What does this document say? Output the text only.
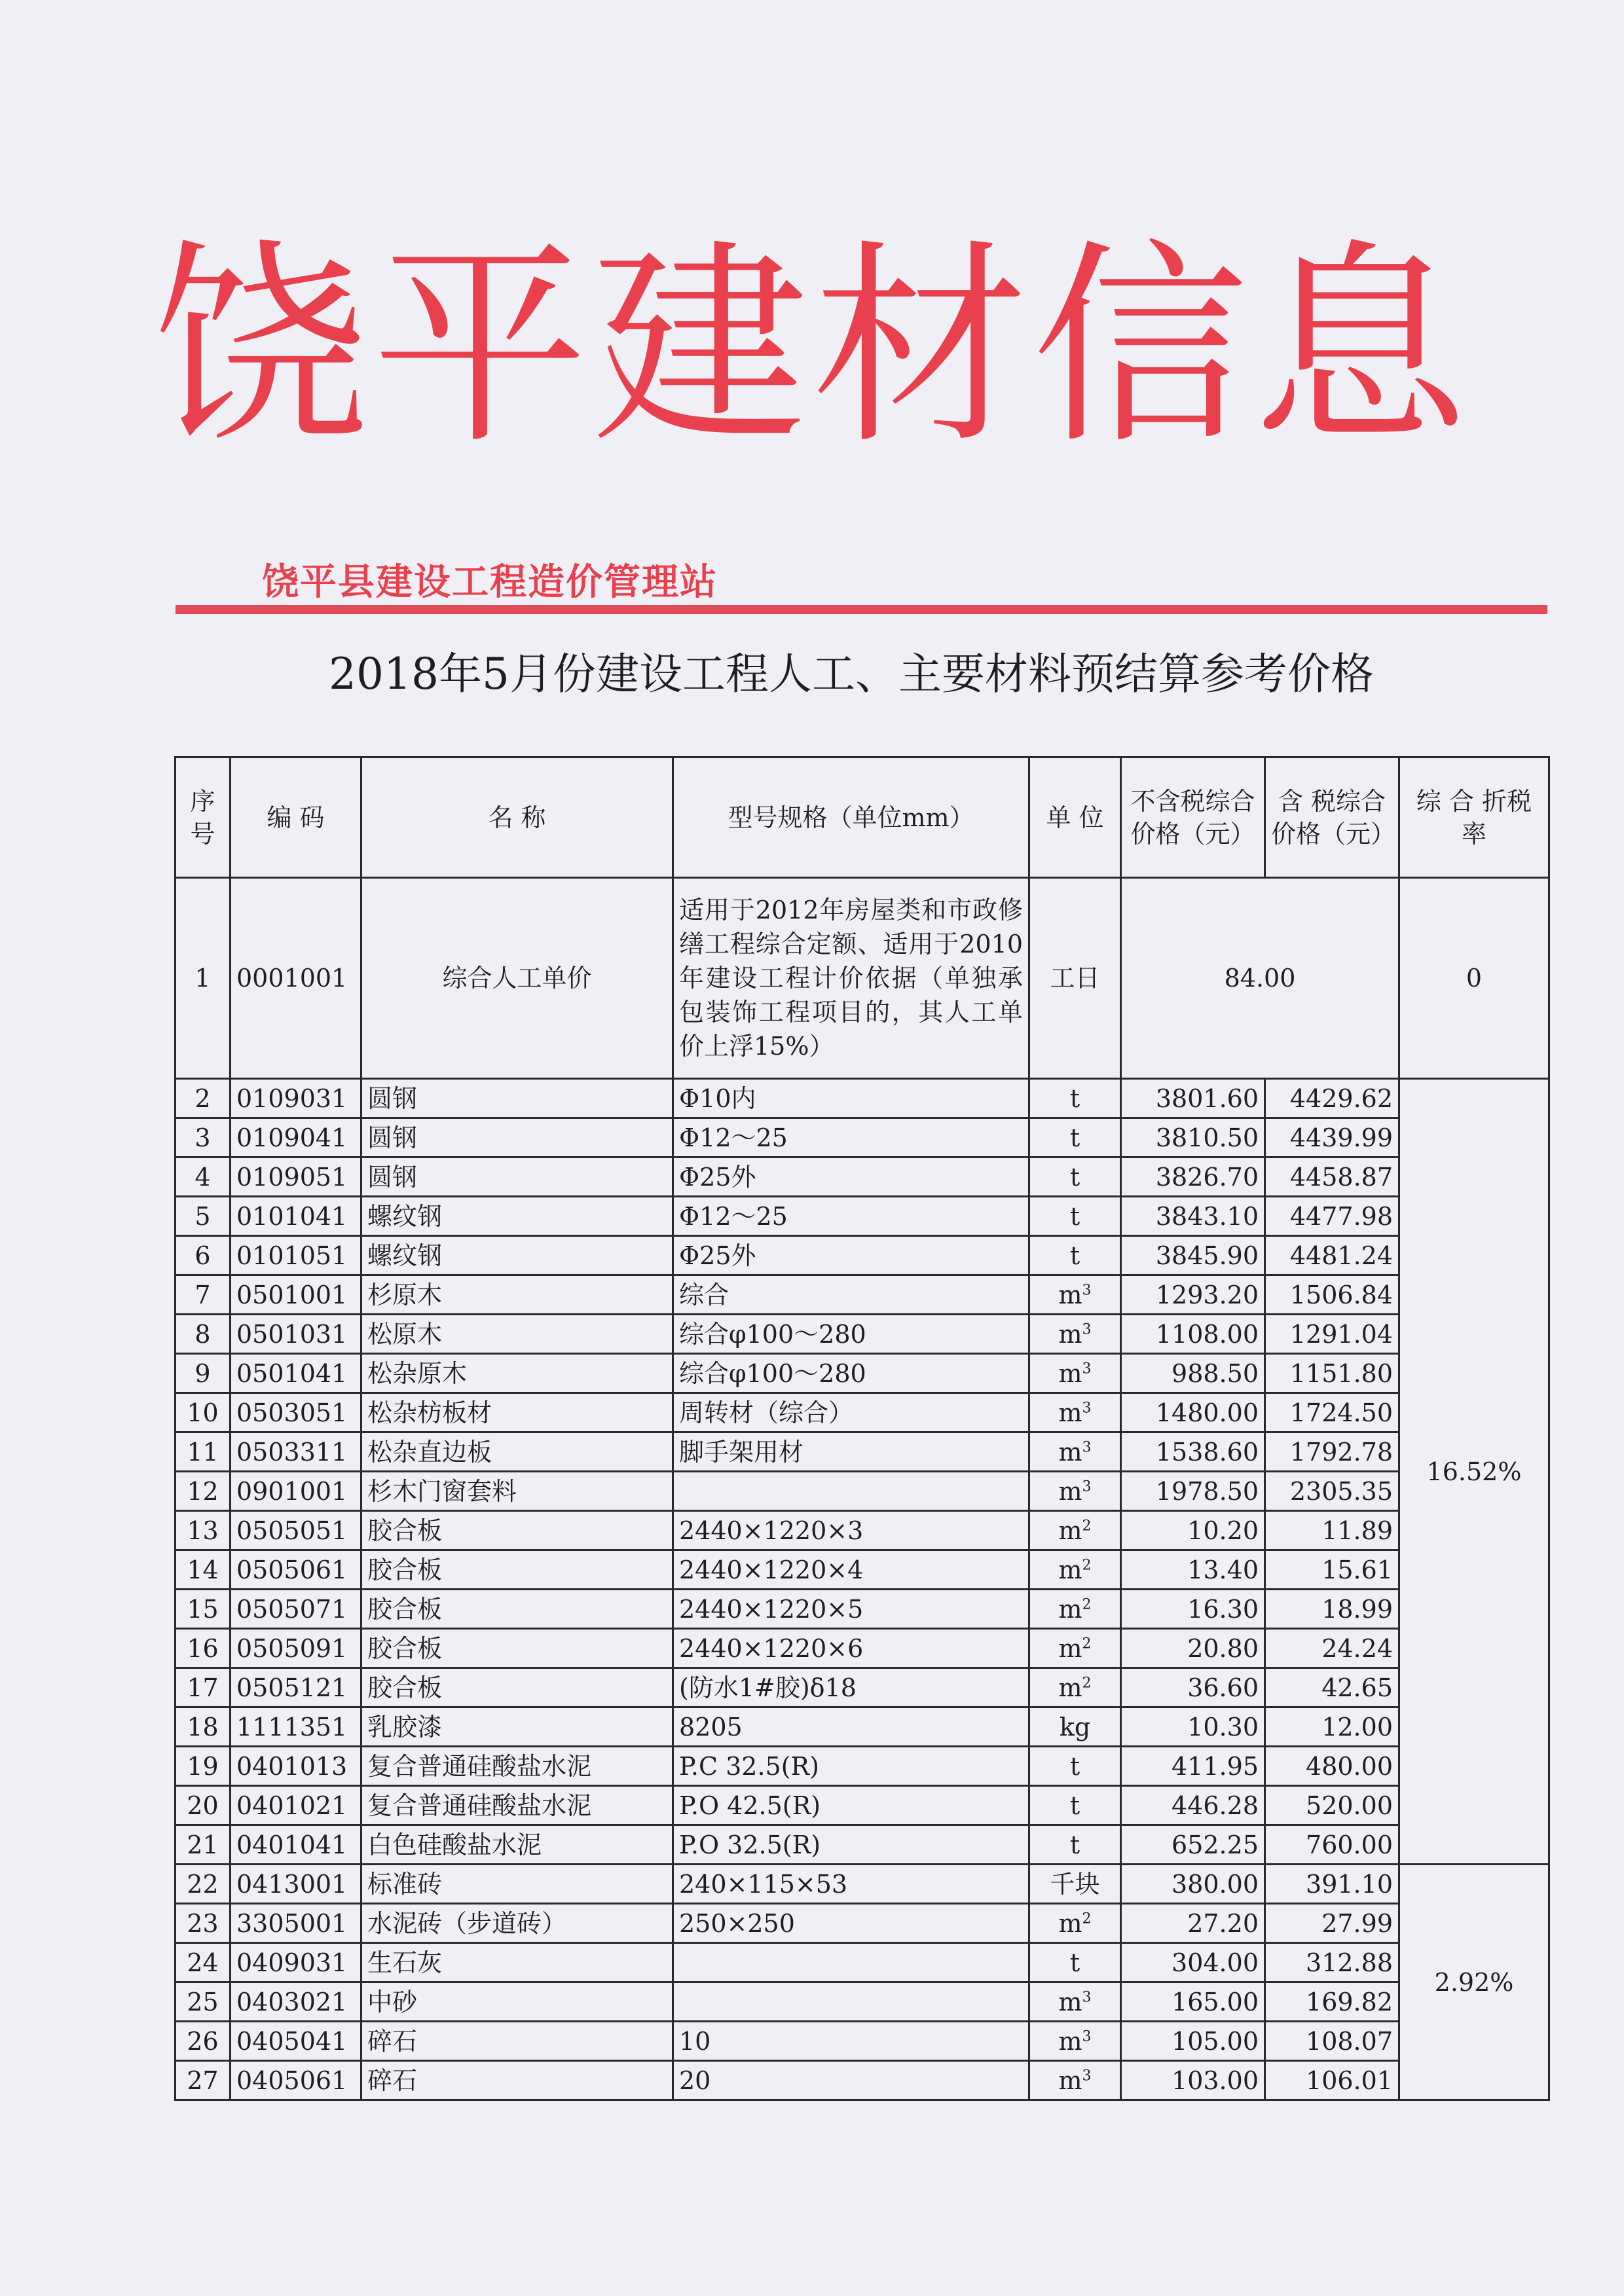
饶平建材信息
饶平县建设工程造价管理站
2018年5月份建设工程人工、主要材料预结算参考价格
序号	编 码	名 称	型号规格（单位mm）	单 位	不含税综合价格（元）	含 税综合价格（元）	综 合 折税率
1	0001001	综合人工单价	适用于2012年房屋类和市政修缮工程综合定额、适用于2010年建设工程计价依据（单独承包装饰工程项目的，其人工单价上浮15%）	工日	84.00		0
2	0109031	圆钢	Φ10内	t	3801.60	4429.62	16.52%
3	0109041	圆钢	Φ12～25	t	3810.50	4439.99	
4	0109051	圆钢	Φ25外	t	3826.70	4458.87	
5	0101041	螺纹钢	Φ12～25	t	3843.10	4477.98	
6	0101051	螺纹钢	Φ25外	t	3845.90	4481.24	
7	0501001	杉原木	综合	$m^3$	1293.20	1506.84	
8	0501031	松原木	综合φ100～280	$m^3$	1108.00	1291.04	
9	0501041	松杂原木	综合φ100～280	$m^3$	988.50	1151.80	
10	0503051	松杂枋板材	周转材（综合）	$m^3$	1480.00	1724.50	
11	0503311	松杂直边板	脚手架用材	$m^3$	1538.60	1792.78	
12	0901001	杉木门窗套料		$m^3$	1978.50	2305.35	
13	0505051	胶合板	2440×1220×3	$m^2$	10.20	11.89	
14	0505061	胶合板	2440×1220×4	$m^2$	13.40	15.61	
15	0505071	胶合板	2440×1220×5	$m^2$	16.30	18.99	
16	0505091	胶合板	2440×1220×6	$m^2$	20.80	24.24	
17	0505121	胶合板	(防水1#胶)δ18	$m^2$	36.60	42.65	
18	1111351	乳胶漆	8205	kg	10.30	12.00	
19	0401013	复合普通硅酸盐水泥	P.C 32.5(R)	t	411.95	480.00	
20	0401021	复合普通硅酸盐水泥	P.O 42.5(R)	t	446.28	520.00	
21	0401041	白色硅酸盐水泥	P.O 32.5(R)	t	652.25	760.00	
22	0413001	标准砖	240×115×53	千块	380.00	391.10	2.92%
23	3305001	水泥砖（步道砖）	250×250	$m^2$	27.20	27.99	
24	0409031	生石灰		t	304.00	312.88	
25	0403021	中砂		$m^3$	165.00	169.82	
26	0405041	碎石	10	$m^3$	105.00	108.07	
27	0405061	碎石	20	$m^3$	103.00	106.01	
